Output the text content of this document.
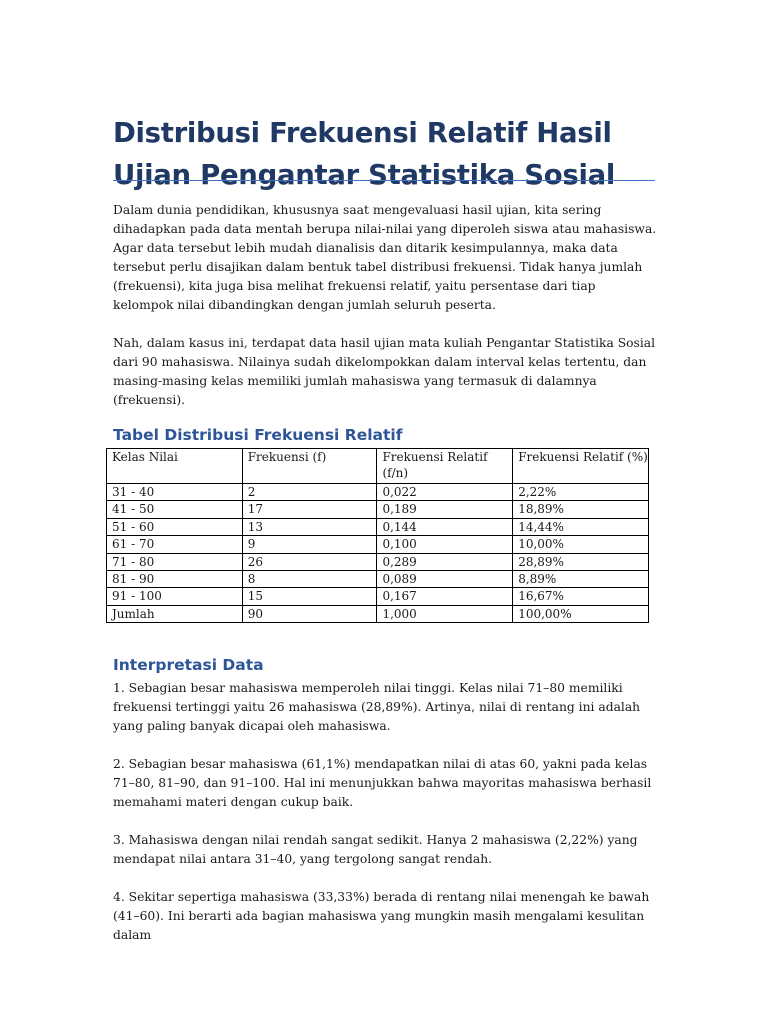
Distribusi Frekuensi Relatif Hasil Ujian Pengantar Statistika Sosial

Dalam dunia pendidikan, khususnya saat mengevaluasi hasil ujian, kita sering dihadapkan pada data mentah berupa nilai-nilai yang diperoleh siswa atau mahasiswa. Agar data tersebut lebih mudah dianalisis dan ditarik kesimpulannya, maka data tersebut perlu disajikan dalam bentuk tabel distribusi frekuensi. Tidak hanya jumlah (frekuensi), kita juga bisa melihat frekuensi relatif, yaitu persentase dari tiap kelompok nilai dibandingkan dengan jumlah seluruh peserta.

Nah, dalam kasus ini, terdapat data hasil ujian mata kuliah Pengantar Statistika Sosial dari 90 mahasiswa. Nilainya sudah dikelompokkan dalam interval kelas tertentu, dan masing-masing kelas memiliki jumlah mahasiswa yang termasuk di dalamnya (frekuensi).

Tabel Distribusi Frekuensi Relatif
Kelas Nilai	Frekuensi (f)	Frekuensi Relatif (f/n)	Frekuensi Relatif (%)
31 - 40	2	0,022	2,22%
41 - 50	17	0,189	18,89%
51 - 60	13	0,144	14,44%
61 - 70	9	0,100	10,00%
71 - 80	26	0,289	28,89%
81 - 90	8	0,089	8,89%
91 - 100	15	0,167	16,67%
Jumlah	90	1,000	100,00%
Interpretasi Data

1. Sebagian besar mahasiswa memperoleh nilai tinggi. Kelas nilai 71–80 memiliki frekuensi tertinggi yaitu 26 mahasiswa (28,89%). Artinya, nilai di rentang ini adalah yang paling banyak dicapai oleh mahasiswa.

2. Sebagian besar mahasiswa (61,1%) mendapatkan nilai di atas 60, yakni pada kelas 71–80, 81–90, dan 91–100. Hal ini menunjukkan bahwa mayoritas mahasiswa berhasil memahami materi dengan cukup baik.

3. Mahasiswa dengan nilai rendah sangat sedikit. Hanya 2 mahasiswa (2,22%) yang mendapat nilai antara 31–40, yang tergolong sangat rendah.

4. Sekitar sepertiga mahasiswa (33,33%) berada di rentang nilai menengah ke bawah (41–60). Ini berarti ada bagian mahasiswa yang mungkin masih mengalami kesulitan dalam
